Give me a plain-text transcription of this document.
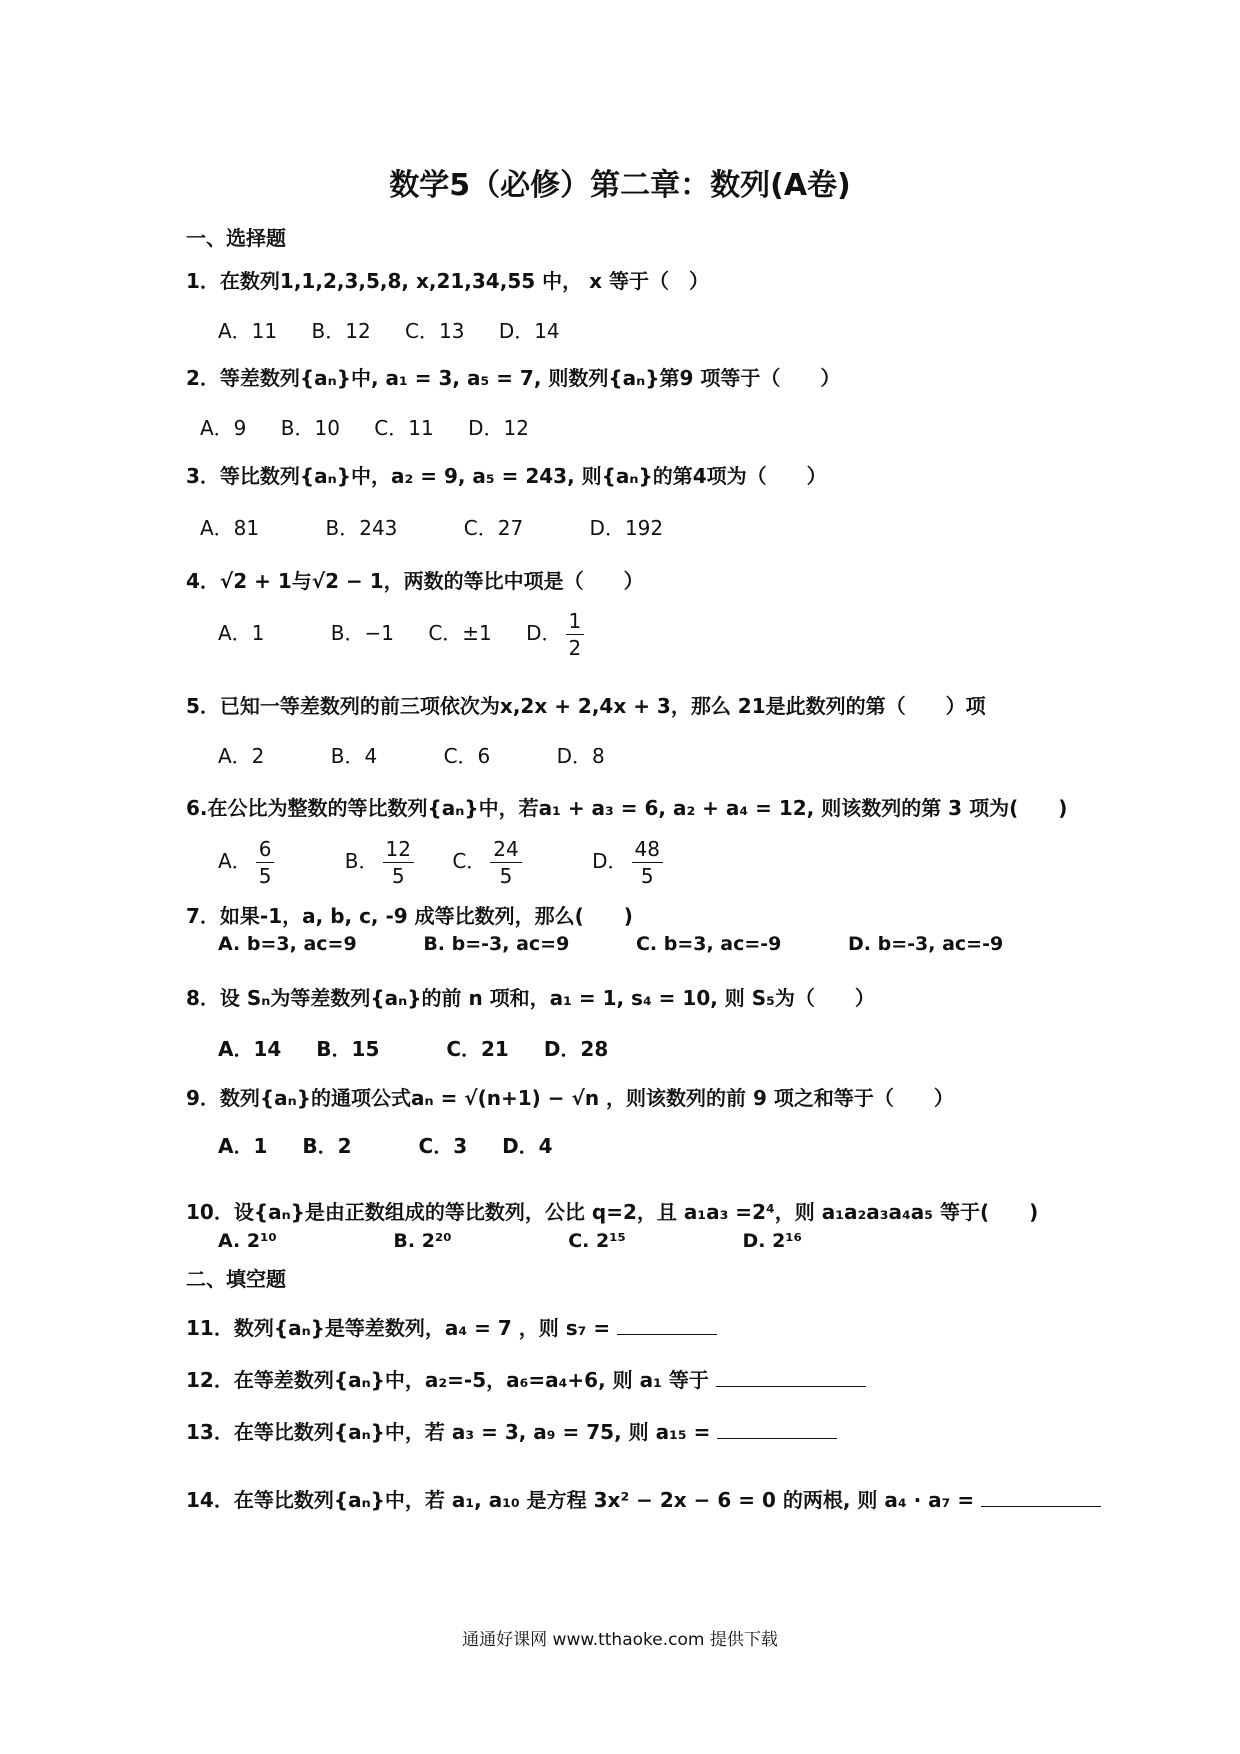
数学5（必修）第二章：数列(A卷)
一、选择题
1．在数列1,1,2,3,5,8, x,21,34,55 中， x 等于（　）
A．11 B．12 C．13 D．14
2．等差数列{aₙ}中, a₁ = 3, a₅ = 7, 则数列{aₙ}第9 项等于（　　）
A．9 B．10 C．11 D．12
3．等比数列{aₙ}中，a₂ = 9, a₅ = 243, 则{aₙ}的第4项为（　　）
A．81	B．243	C．27	D．192
4．√2 + 1与√2 − 1，两数的等比中项是（　　）
A．1	B．−1 C．±1 D． $\frac{1}{2}$
5．已知一等差数列的前三项依次为x,2x + 2,4x + 3，那么 21是此数列的第（　　）项
A．2	B．4	C．6	D．8
6.在公比为整数的等比数列{aₙ}中，若a₁ + a₃ = 6, a₂ + a₄ = 12, 则该数列的第 3 项为(　　)
A． $\frac{6}{5}$	B． $\frac{12}{5}$ C． $\frac{24}{5}$	D． $\frac{48}{5}$
7．如果-1，a, b, c, -9 成等比数列，那么(　　)
A. b=3, ac=9	B. b=-3, ac=9	C. b=3, ac=-9	D. b=-3, ac=-9
8．设 Sₙ为等差数列{aₙ}的前 n 项和，a₁ = 1, s₄ = 10, 则 S₅为（　　）
A．14 B．15	C．21 D．28
9．数列{aₙ}的通项公式aₙ = √(n+1) − √n ，则该数列的前 9 项之和等于（　　）
A．1 B．2	C．3 D．4
10．设{aₙ}是由正数组成的等比数列，公比 q=2，且 a₁a₃ =2⁴，则 a₁a₂a₃a₄a₅ 等于(　　)
A. 2¹⁰	B. 2²⁰	C. 2¹⁵	D. 2¹⁶
二、填空题
11．数列{aₙ}是等差数列，a₄ = 7 ，则 s₇ =
12．在等差数列{aₙ}中，a₂=-5，a₆=a₄+6, 则 a₁ 等于
13．在等比数列{aₙ}中，若 a₃ = 3, a₉ = 75, 则 a₁₅ =
14．在等比数列{aₙ}中，若 a₁, a₁₀ 是方程 3x² − 2x − 6 = 0 的两根, 则 a₄ · a₇ =
通通好课网 www.tthaoke.com 提供下载
